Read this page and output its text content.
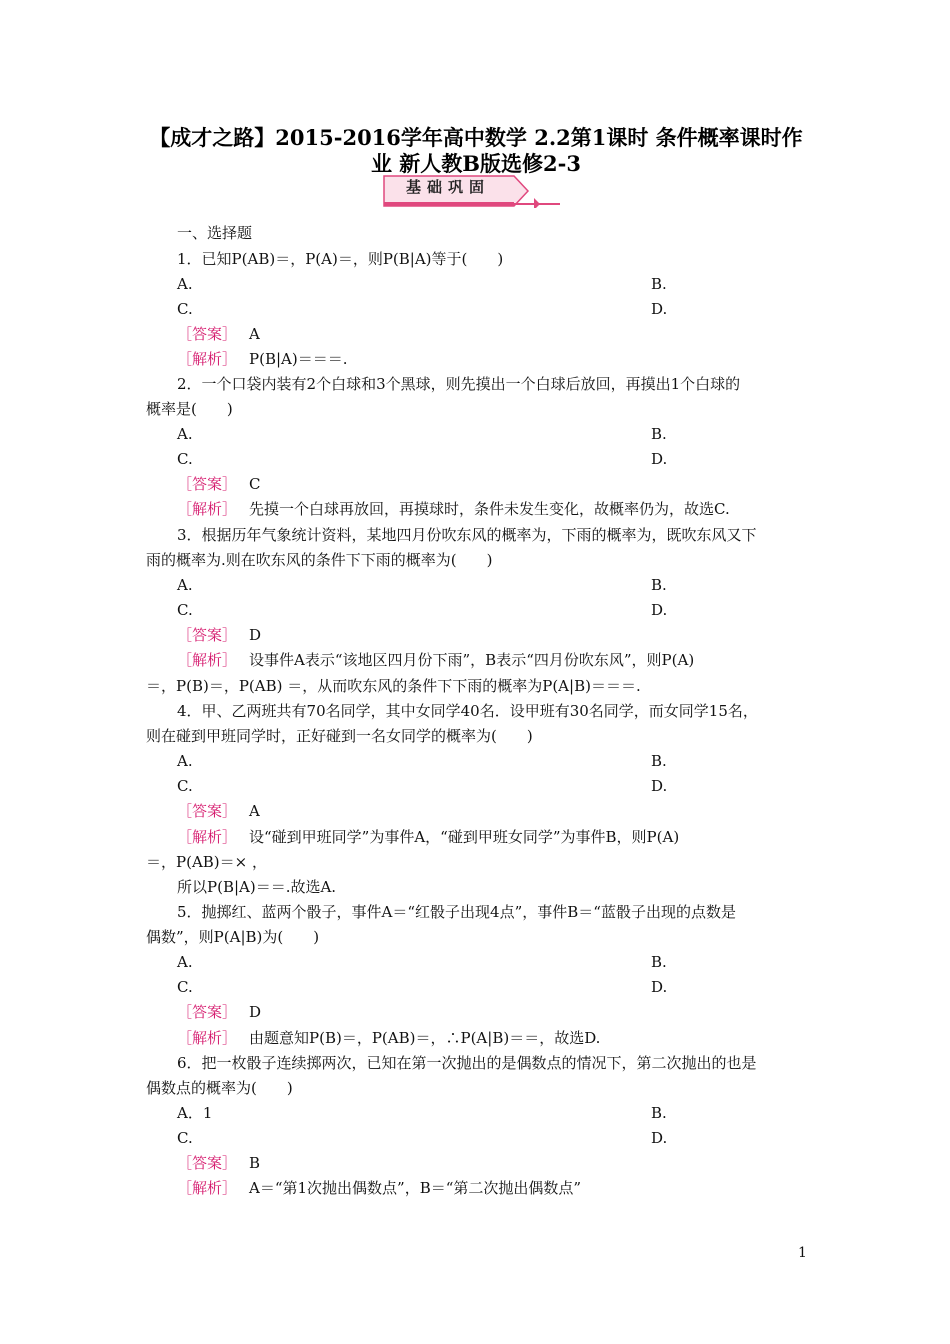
【成才之路】2015-2016学年高中数学 2.2第1课时 条件概率课时作
业 新人教B版选修2-3
基础巩固
一、选择题
1．已知P(AB)＝，P(A)＝，则P(B|A)等于(　　)
A.	B.
C.	D.
［答案］ A
［解析］ P(B|A)＝＝＝.
2．一个口袋内装有2个白球和3个黑球，则先摸出一个白球后放回，再摸出1个白球的
概率是(　　)
A.	B.
C.	D.
［答案］ C
［解析］ 先摸一个白球再放回，再摸球时，条件未发生变化，故概率仍为，故选C.
3．根据历年气象统计资料，某地四月份吹东风的概率为，下雨的概率为，既吹东风又下
雨的概率为.则在吹东风的条件下下雨的概率为(　　)
A.	B.
C.	D.
［答案］ D
［解析］ 设事件A表示“该地区四月份下雨”，B表示“四月份吹东风”，则P(A)
＝，P(B)＝，P(AB) ＝，从而吹东风的条件下下雨的概率为P(A|B)＝＝＝.
4．甲、乙两班共有70名同学，其中女同学40名．设甲班有30名同学，而女同学15名，
则在碰到甲班同学时，正好碰到一名女同学的概率为(　　)
A.	B.
C.	D.
［答案］ A
［解析］ 设“碰到甲班同学”为事件A，“碰到甲班女同学”为事件B，则P(A)
＝，P(AB)＝× ，
所以P(B|A)＝＝.故选A.
5．抛掷红、蓝两个骰子，事件A＝“红骰子出现4点”，事件B＝“蓝骰子出现的点数是
偶数”，则P(A|B)为(　　)
A.	B.
C.	D.
［答案］ D
［解析］ 由题意知P(B)＝，P(AB)＝，∴P(A|B)＝＝，故选D.
6．把一枚骰子连续掷两次，已知在第一次抛出的是偶数点的情况下，第二次抛出的也是
偶数点的概率为(　　)
A．1	B.
C.	D.
［答案］ B
［解析］ A＝“第1次抛出偶数点”，B＝“第二次抛出偶数点”
1
